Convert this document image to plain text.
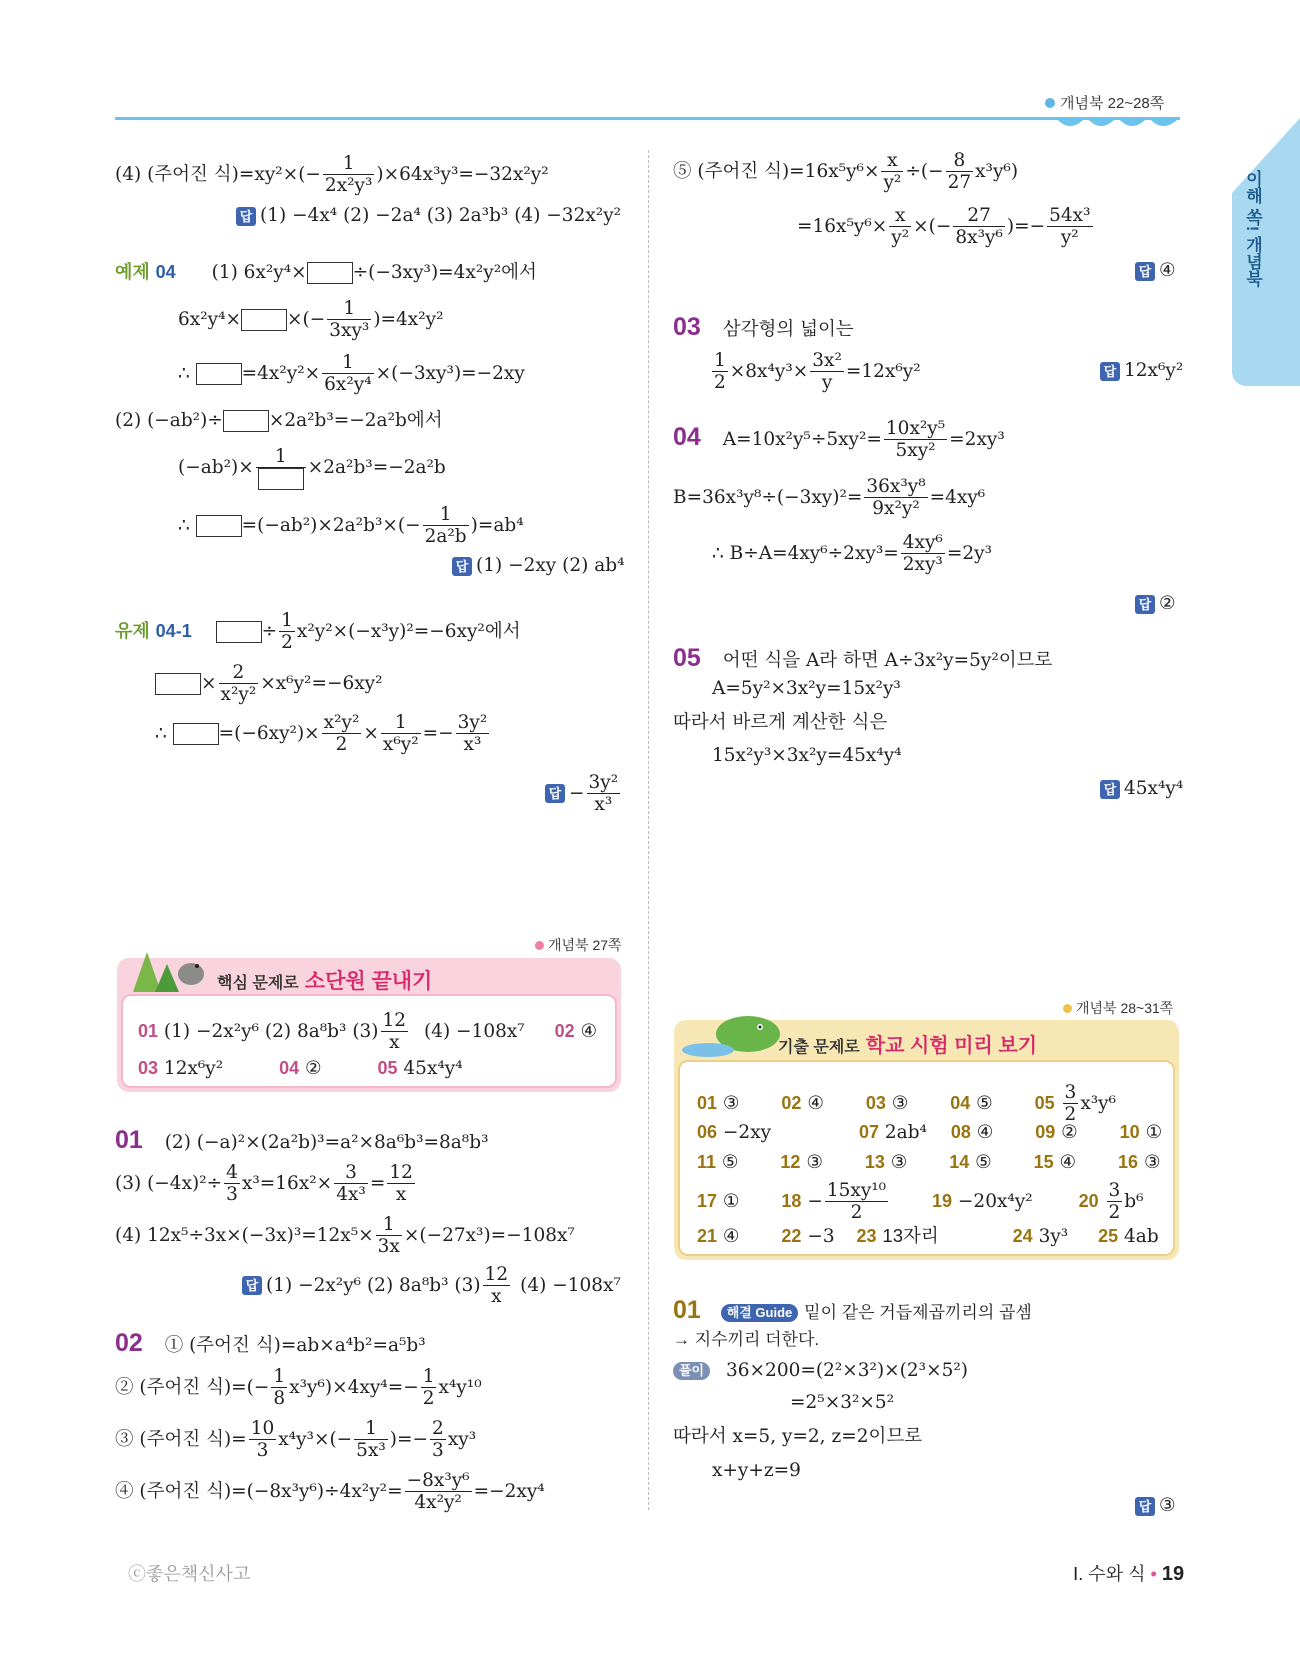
개념북 22~28쪽
이해 쏙! 개념북
(4) (주어진 식)$=xy^2\times(- \frac{1}{\text{2x²y³}} )\times 64x^3y^3=-32x^2y^2$
답 (1) −4x⁴ (2) −2a⁴ (3) 2a³b³ (4) −32x²y²
예제 04 (1) 6x²y⁴× ÷(−3xy³)=4x²y²에서
6x²y⁴× ×(− $\frac{1}{\text{3xy³}} )=4x^2y^2$
∴ $=4x^2y^2\times \frac{1}{\text{6x²y⁴}} \times(-3xy^3)=-2xy$
(2) (−ab²)÷ ×2a²b³=−2a²b에서
(−ab²)×
1
×2a²b³=−2a²b
∴ $=(-ab^2)\times 2a^2b^3\times(- \frac{1}{\text{2a²b}} )=ab^4$
답 (1) −2xy (2) ab⁴
유제 04-1	÷ $\frac{1}{2} x^2y^2\times(-x^3y)^2=-6xy^2$에서
× $\frac{2}{\text{x²y²}} \times x^6y^2=-6xy^2$
∴ $=(-6xy^2)\times \frac{\text{x²y²}}{2} \times \frac{1}{\text{x⁶y²}} =- \frac{\text{3y²}}{\text{x³}}$
답 − $\frac{\text{3y²}}{\text{x³}}$
개념북 27쪽
핵심 문제로 소단원 끝내기
01 (1) −2x²y⁶ (2) 8a⁸b³ $(3) \frac{12}{x} (4) -108x^7$ 02 ④
03 12x⁶y²	04 ②	05 45x⁴y⁴
01 (2) (−a)²×(2a²b)³=a²×8a⁶b³=8a⁸b³
(3) $(-4x)^2\div \frac{4}{3} x^3=16x^2\times \frac{3}{\text{4x³}} = \frac{12}{x}$
(4) $12x^5\div 3x\times(-3x)^3=12x^5\times \frac{1}{3x} \times(-27x^3)=-108x^7$
답 (1) −2x²y⁶ (2) 8a⁸b³ $(3) \frac{12}{x} (4) -108x^7$
02 ① (주어진 식)=ab×a⁴b²=a⁵b³
② (주어진 식)=(− $\frac{1}{8} x^3y^6)\times 4xy^4=- \frac{1}{2} x^4y^{10}$
③ (주어진 식)= $\frac{10}{3} x^4y^3\times(- \frac{1}{\text{5x³}}$ )=− $\frac{2}{3} xy^3$
④ (주어진 식)$=(-8x^3y^6)\div 4x^2y^2= \frac{\text{−8x³y⁶}}{\text{4x²y²}} =-2xy^4$
⑤ (주어진 식)$=16x^5y^6\times \frac{x}{\text{y²}}$ ÷(− $\frac{8}{27} x^3y^6$)
$=16x^5y^6\times \frac{x}{\text{y²}}$ ×(− $\frac{27}{\text{8x³y⁶}}$ )=− $\frac{\text{54x³}}{\text{y²}}$
답 ④
03 삼각형의 넓이는
$\frac{1}{2} \times 8x^4y^3\times \frac{\text{3x²}}{y} =12x^6y^2$	답 12x⁶y²
04 $A=10x^2y^5\div 5xy^2= \frac{\text{10x²y⁵}}{\text{5xy²}} =2xy^3$
$B=36x^3y^8\div(-3xy)^2= \frac{\text{36x³y⁸}}{\text{9x²y²}} =4xy^6$
∴ $B\div A=4xy^6\div 2xy^3= \frac{\text{4xy⁶}}{\text{2xy³}} =2y^3$
답 ②
05 어떤 식을 A라 하면 A÷3x²y=5y²이므로
A=5y²×3x²y=15x²y³
따라서 바르게 계산한 식은
15x²y³×3x²y=45x⁴y⁴
답 45x⁴y⁴
개념북 28~31쪽
기출 문제로 학교 시험 미리 보기
01 ③ 02 ④ 03 ③ 04 ⑤ $05 \frac{3}{2} x^3y^6$
06 −2xy	07 2ab⁴ 08 ④ 09 ② 10 ①
11 ⑤ 12 ③ 13 ③ 14 ⑤ 15 ④ 16 ③
17 ① $18 - \frac{\text{15xy¹⁰}}{2} 19 -20x^4y^2$	$20 \frac{3}{2} b^6$
21 ④ 22 −3 23 13자리	24 3y³ 25 4ab
01 해결 Guide 밑이 같은 거듭제곱끼리의 곱셈
→ 지수끼리 더한다.
풀이 36×200=(2²×3²)×(2³×5²)
=2⁵×3²×5²
따라서 x=5, y=2, z=2이므로
x+y+z=9
답 ③
ⓒ좋은책신사고	Ⅰ. 수와 식 • 19
